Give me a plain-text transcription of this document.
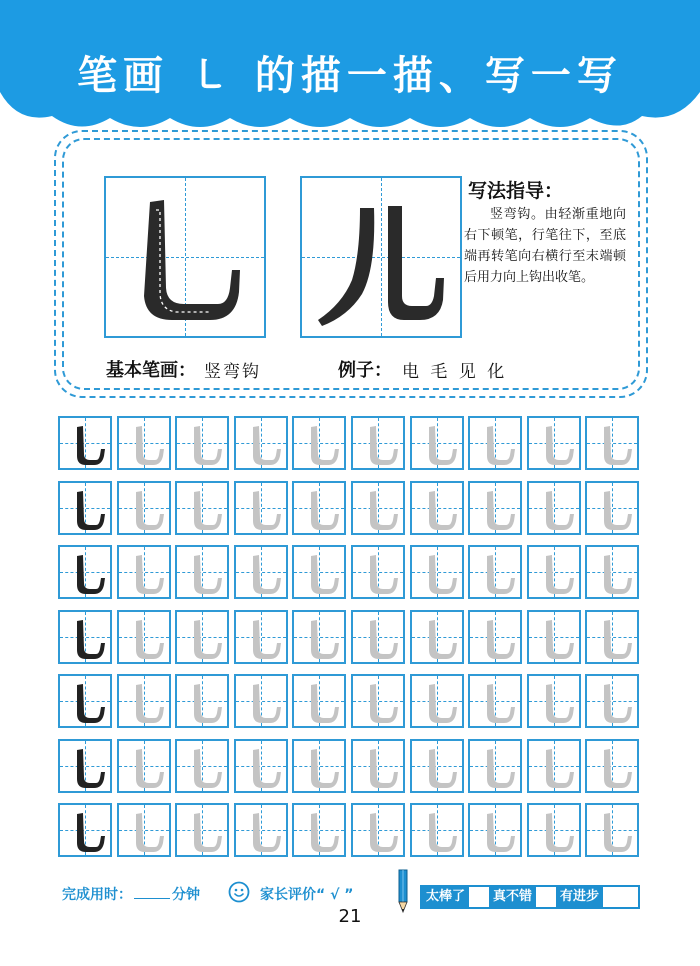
笔画 ㇄ 的描一描、写一写
写法指导：
竖弯钩。由轻渐重地向右下顿笔，行笔往下，至底端再转笔向右横行至末端顿后用力向上钩出收笔。
基本笔画： 竖弯钩	例子： 电 毛 见 化
完成用时：	分钟	家长评价“ √ ”	太棒了	真不错	有进步
21
